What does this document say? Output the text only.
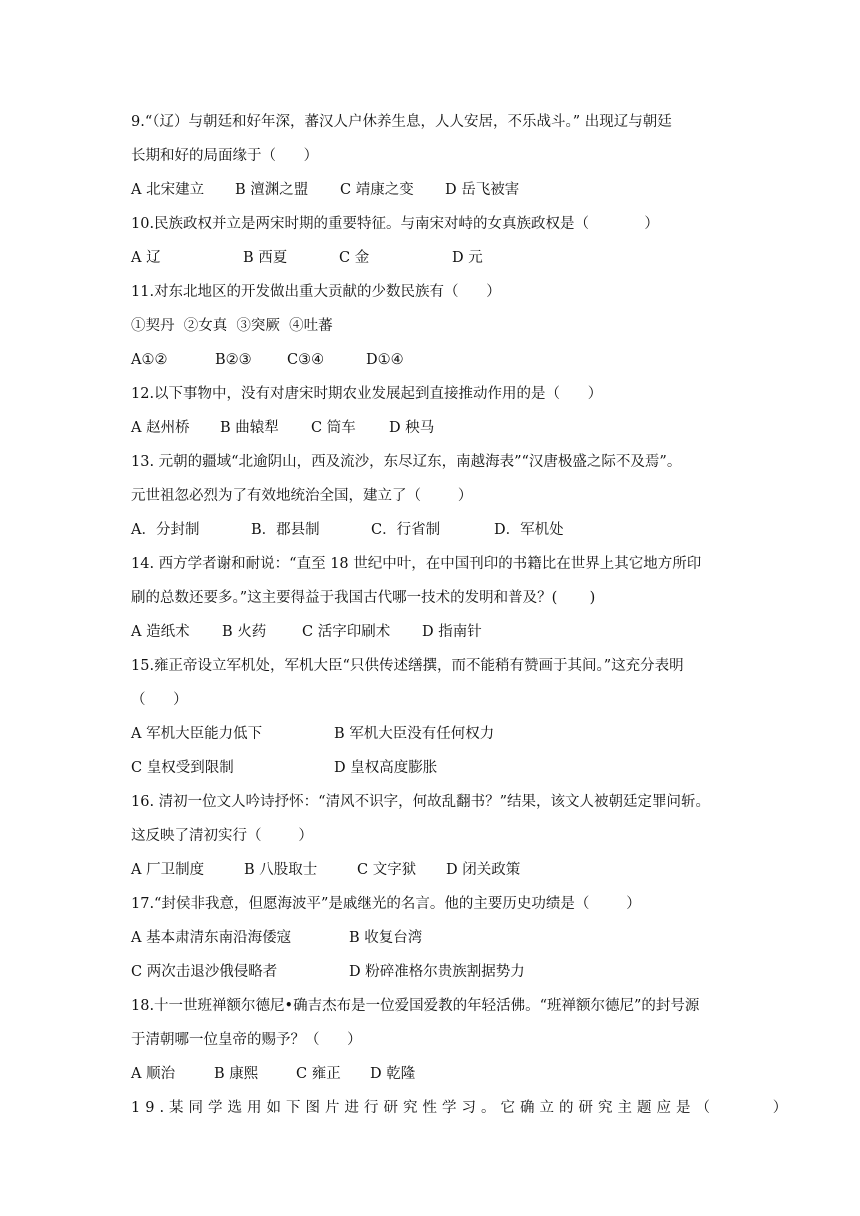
9.“（辽）与朝廷和好年深，蕃汉人户休养生息，人人安居，不乐战斗。” 出现辽与朝廷
长期和好的局面缘于（      ）
A 北宋建立 B 澶渊之盟 C 靖康之变 D 岳飞被害
10.民族政权并立是两宋时期的重要特征。与南宋对峙的女真族政权是（            ）
A 辽	B 西夏	C 金	D 元
11.对东北地区的开发做出重大贡献的少数民族有（      ）
①契丹  ②女真  ③突厥  ④吐蕃
A①②	B②③ C③④	D①④
12.以下事物中，没有对唐宋时期农业发展起到直接推动作用的是（      ）
A 赵州桥 B 曲辕犁 C 筒车 D 秧马
13. 元朝的疆域“北逾阴山，西及流沙，东尽辽东，南越海表”“汉唐极盛之际不及焉”。
元世祖忽必烈为了有效地统治全国，建立了（        ）
A．分封制	B．郡县制	C．行省制	D．军机处
14. 西方学者谢和耐说：“直至 18 世纪中叶，在中国刊印的书籍比在世界上其它地方所印
刷的总数还要多。”这主要得益于我国古代哪一技术的发明和普及？(       )
A 造纸术 B 火药 C 活字印刷术 D 指南针
15.雍正帝设立军机处，军机大臣“只供传述缮撰，而不能稍有赞画于其间。”这充分表明
（      ）
A 军机大臣能力低下	B 军机大臣没有任何权力
C 皇权受到限制	D 皇权高度膨胀
16. 清初一位文人吟诗抒怀：“清风不识字，何故乱翻书？”结果，该文人被朝廷定罪问斩。
这反映了清初实行（        ）
A 厂卫制度	B 八股取士	C 文字狱 D 闭关政策
17.“封侯非我意，但愿海波平”是戚继光的名言。他的主要历史功绩是（        ）
A 基本肃清东南沿海倭寇	B 收复台湾
C 两次击退沙俄侵略者	D 粉碎准格尔贵族割据势力
18.十一世班禅额尔德尼•确吉杰布是一位爱国爱教的年轻活佛。“班禅额尔德尼”的封号源
于清朝哪一位皇帝的赐予？（      ）
A 顺治	B 康熙	C 雍正 D 乾隆
19.某同学选用如下图片进行研究性学习。它确立的研究主题应是（      ）
